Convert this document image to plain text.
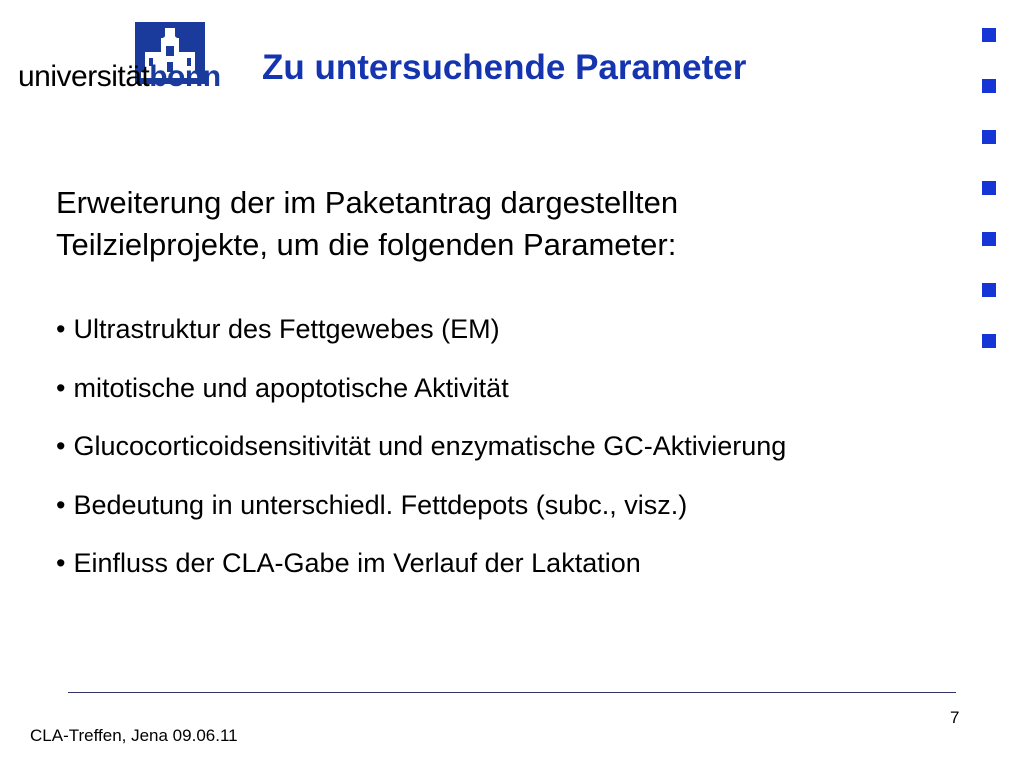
universitätbonn Zu untersuchende Parameter

Erweiterung der im Paketantrag dargestellten
Teilzielprojekte, um die folgenden Parameter:

• Ultrastruktur des Fettgewebes (EM)
• mitotische und apoptotische Aktivität
• Glucocorticoidsensitivität und enzymatische GC-Aktivierung
• Bedeutung in unterschiedl. Fettdepots (subc., visz.)
• Einfluss der CLA-Gabe im Verlauf der Laktation
CLA-Treffen, Jena 09.06.11
7
